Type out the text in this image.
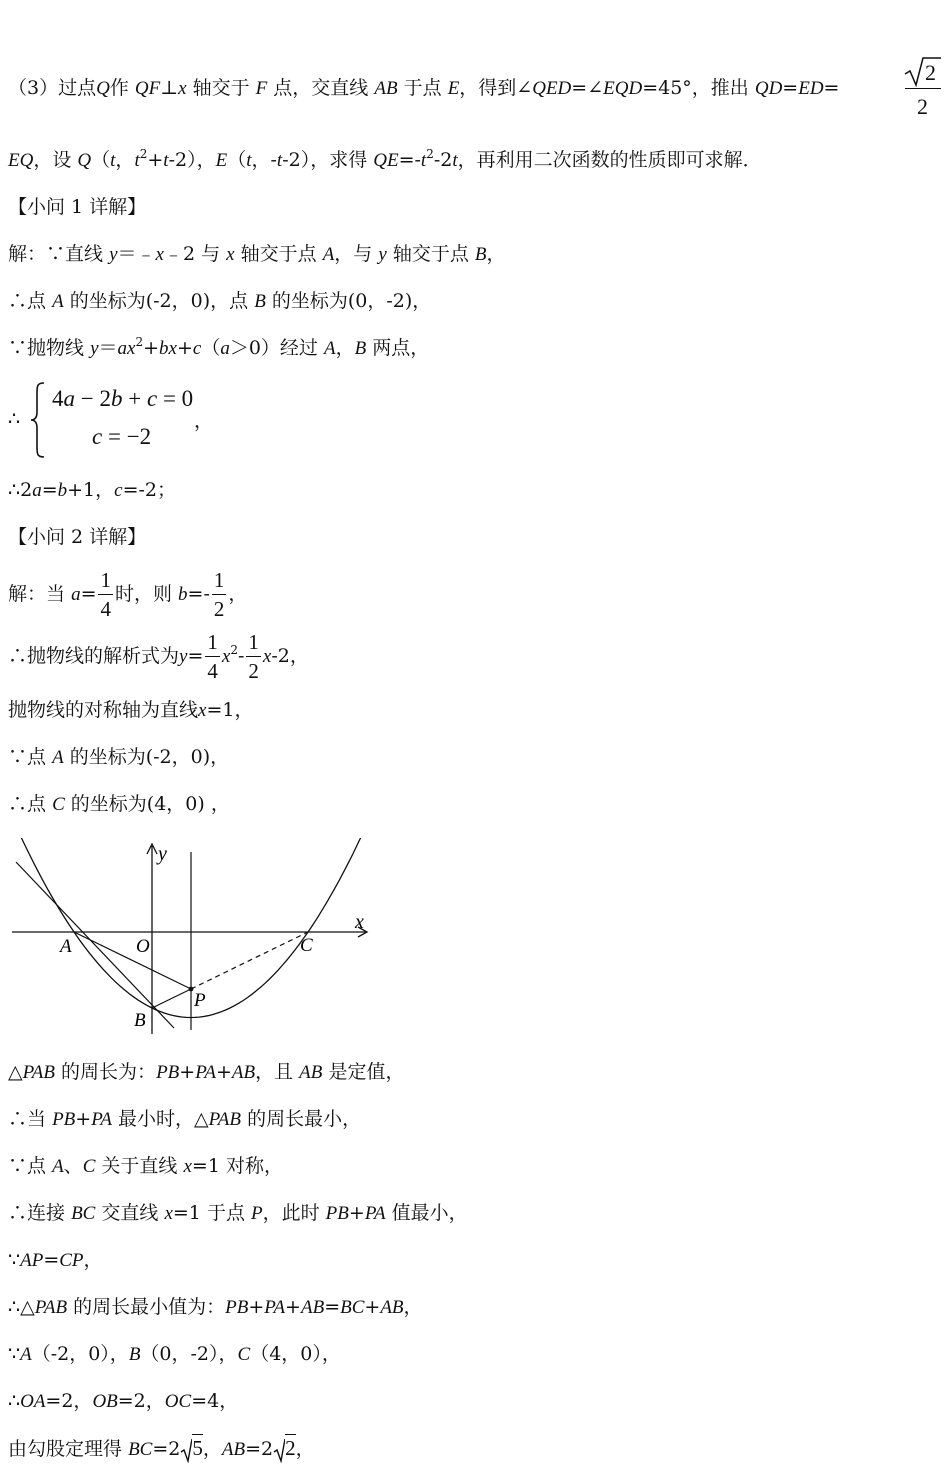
（3）过点Q作 QF⊥x 轴交于 F 点，交直线 AB 于点 E，得到∠QED=∠EQD=45°，推出 QD=ED=
2
2
EQ，设 Q（t，$t^2+t-2$），E（t，-t-2），求得 $QE=-t^2-2t$，再利用二次函数的性质即可求解．
【小问 1 详解】
解：∵直线 y＝﹣x﹣2 与 x 轴交于点 A，与 y 轴交于点 B，
∴点 A 的坐标为(-2，0)，点 B 的坐标为(0，-2)，
∵抛物线 $y=ax^2+bx+c(a>0)$经过 A，B 两点，
∴
4a − 2b + c = 0
c = −2
，
∴2a=b+1，c=-2；
【小问 2 详解】
解：当 $a= \frac{1}{4}$ 时，则 $b=- \frac{1}{2}$ ，
∴抛物线的解析式为$y= \frac{1}{4} x^2- \frac{1}{2} x-2$，
抛物线的对称轴为直线x=1，
∵点 A 的坐标为(-2，0)，
∴点 C 的坐标为(4，0) ，
y
x
A	O	C
P
B
△PAB 的周长为：PB+PA+AB，且 AB 是定值，
∴当 PB+PA 最小时，△PAB 的周长最小，
∵点 A、C 关于直线 x=1 对称，
∴连接 BC 交直线 x=1 于点 P，此时 PB+PA 值最小，
∵AP=CP，
∴△PAB 的周长最小值为：PB+PA+AB=BC+AB，
∵A（-2，0），B（0，-2），C（4，0），
∴OA=2，OB=2，OC=4，
由勾股定理得 BC=2 5，AB=2 2，
